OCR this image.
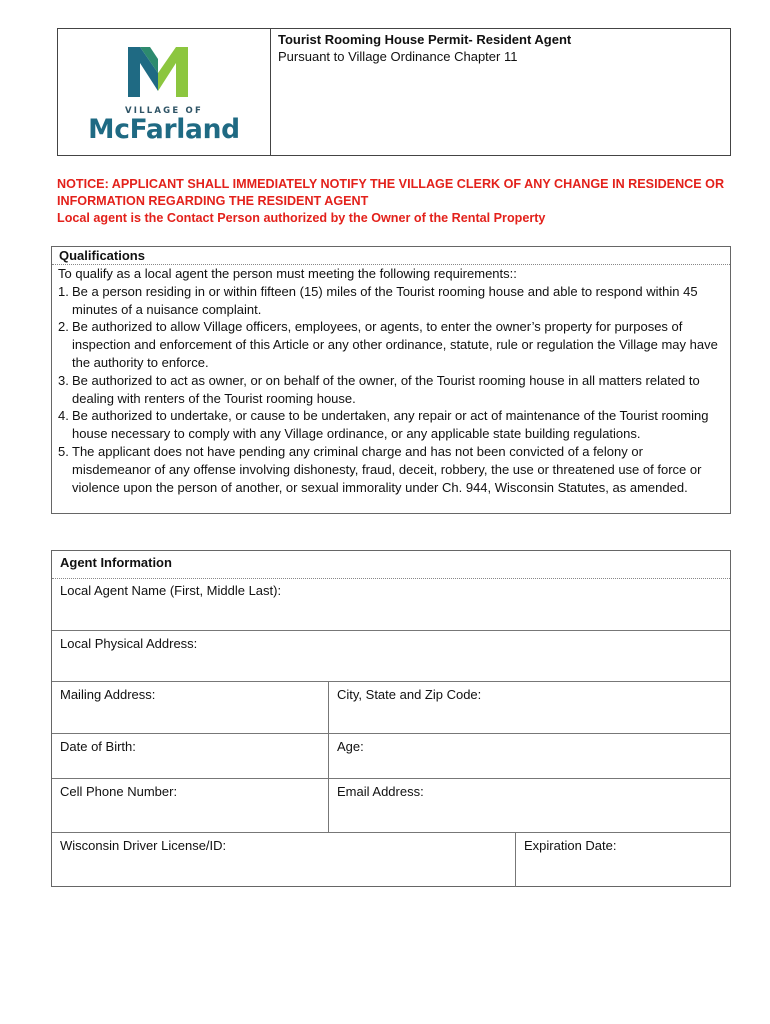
VILLAGE OF
McFarland
Tourist Rooming House Permit- Resident Agent
Pursuant to Village Ordinance Chapter 11
NOTICE: APPLICANT SHALL IMMEDIATELY NOTIFY THE VILLAGE CLERK OF ANY CHANGE IN RESIDENCE OR
INFORMATION REGARDING THE RESIDENT AGENT
Local agent is the Contact Person authorized by the Owner of the Rental Property
Qualifications
To qualify as a local agent the person must meeting the following requirements::
1. Be a person residing in or within fifteen (15) miles of the Tourist rooming house and able to respond within 45 minutes of a nuisance complaint.
2. Be authorized to allow Village officers, employees, or agents, to enter the owner’s property for purposes of inspection and enforcement of this Article or any other ordinance, statute, rule or regulation the Village may have the authority to enforce.
3. Be authorized to act as owner, or on behalf of the owner, of the Tourist rooming house in all matters related to dealing with renters of the Tourist rooming house.
4. Be authorized to undertake, or cause to be undertaken, any repair or act of maintenance of the Tourist rooming house necessary to comply with any Village ordinance, or any applicable state building regulations.
5. The applicant does not have pending any criminal charge and has not been convicted of a felony or misdemeanor of any offense involving dishonesty, fraud, deceit, robbery, the use or threatened use of force or violence upon the person of another, or sexual immorality under Ch. 944, Wisconsin Statutes, as amended.
Agent Information
Local Agent Name (First, Middle Last):
Local Physical Address:
Mailing Address:	City, State and Zip Code:
Date of Birth:	Age:
Cell Phone Number:	Email Address:
Wisconsin Driver License/ID:	Expiration Date:
